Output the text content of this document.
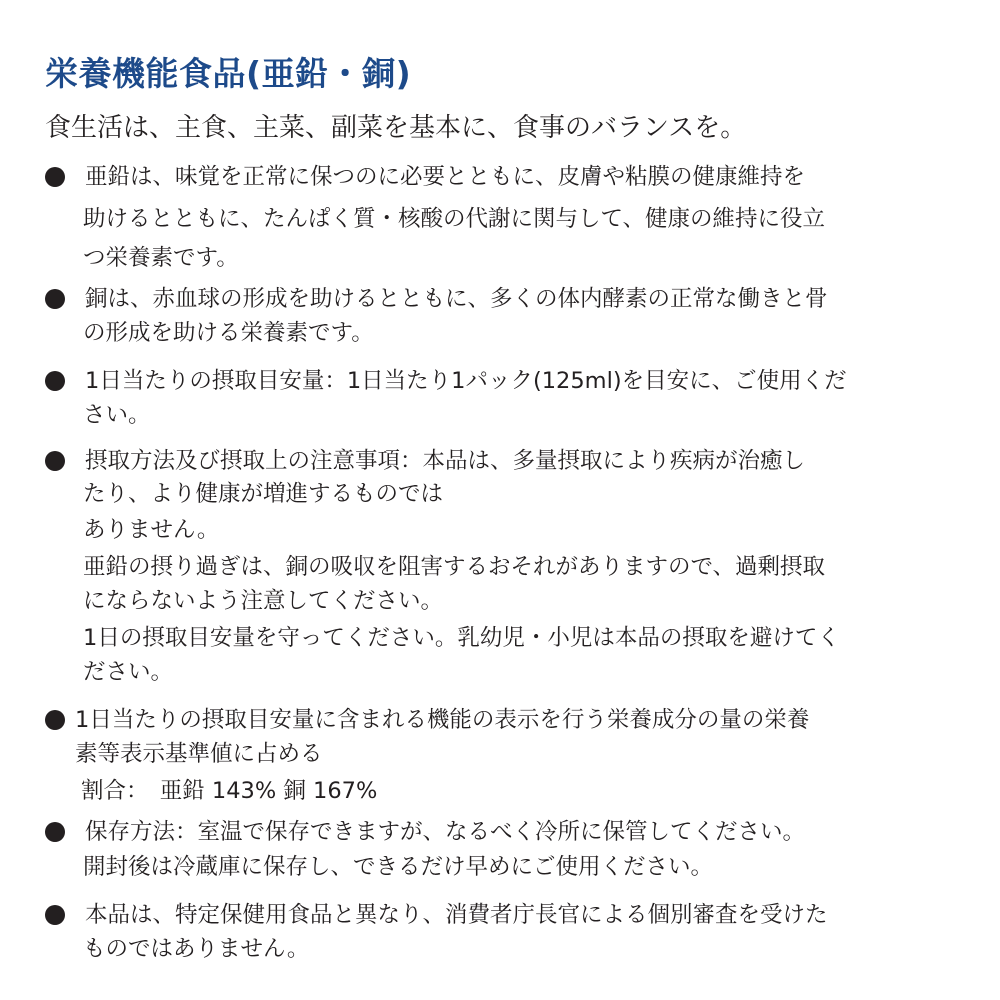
栄養機能食品(亜鉛・銅)
食生活は、主食、主菜、副菜を基本に、食事のバランスを。
亜鉛は、味覚を正常に保つのに必要とともに、皮膚や粘膜の健康維持を
助けるとともに、たんぱく質・核酸の代謝に関与して、健康の維持に役立
つ栄養素です。
銅は、赤血球の形成を助けるとともに、多くの体内酵素の正常な働きと骨
の形成を助ける栄養素です。
1日当たりの摂取目安量：1日当たり1パック(125ml)を目安に、ご使用くだ
さい。
摂取方法及び摂取上の注意事項：本品は、多量摂取により疾病が治癒し
たり、より健康が増進するものでは
ありません。
亜鉛の摂り過ぎは、銅の吸収を阻害するおそれがありますので、過剰摂取
にならないよう注意してください。
1日の摂取目安量を守ってください。乳幼児・小児は本品の摂取を避けてく
ださい。
1日当たりの摂取目安量に含まれる機能の表示を行う栄養成分の量の栄養
素等表示基準値に占める
割合：　亜鉛 143% 銅 167%
保存方法：室温で保存できますが、なるべく冷所に保管してください。
開封後は冷蔵庫に保存し、できるだけ早めにご使用ください。
本品は、特定保健用食品と異なり、消費者庁長官による個別審査を受けた
ものではありません。
